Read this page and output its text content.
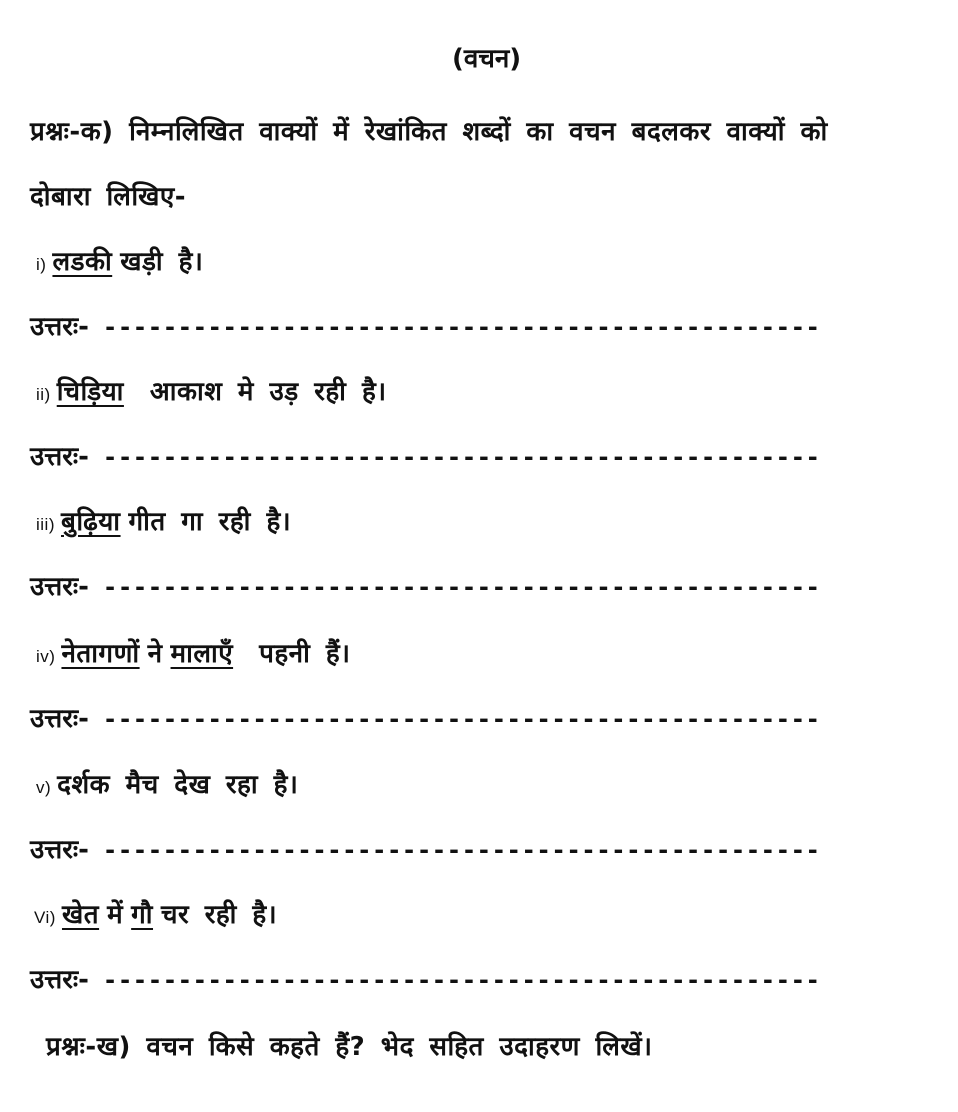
(वचन)
प्रश्नः-क) निम्नलिखित वाक्यों में रेखांकित शब्दों का वचन बदलकर वाक्यों को
दोबारा लिखिए-
i) लडकी खड़ी है।
उत्तरः- ------------------------------------------------
ii) चिड़िया आकाश मे उड़ रही है।
उत्तरः- ------------------------------------------------
iii) बुढ़िया गीत गा रही है।
उत्तरः- ------------------------------------------------
iv) नेतागणों ने मालाएँ पहनी हैं।
उत्तरः- ------------------------------------------------
v) दर्शक मैच देख रहा है।
उत्तरः- ------------------------------------------------
Vi) खेत में गौ चर रही है।
उत्तरः- ------------------------------------------------
प्रश्नः-ख) वचन किसे कहते हैं? भेद सहित उदाहरण लिखें।
